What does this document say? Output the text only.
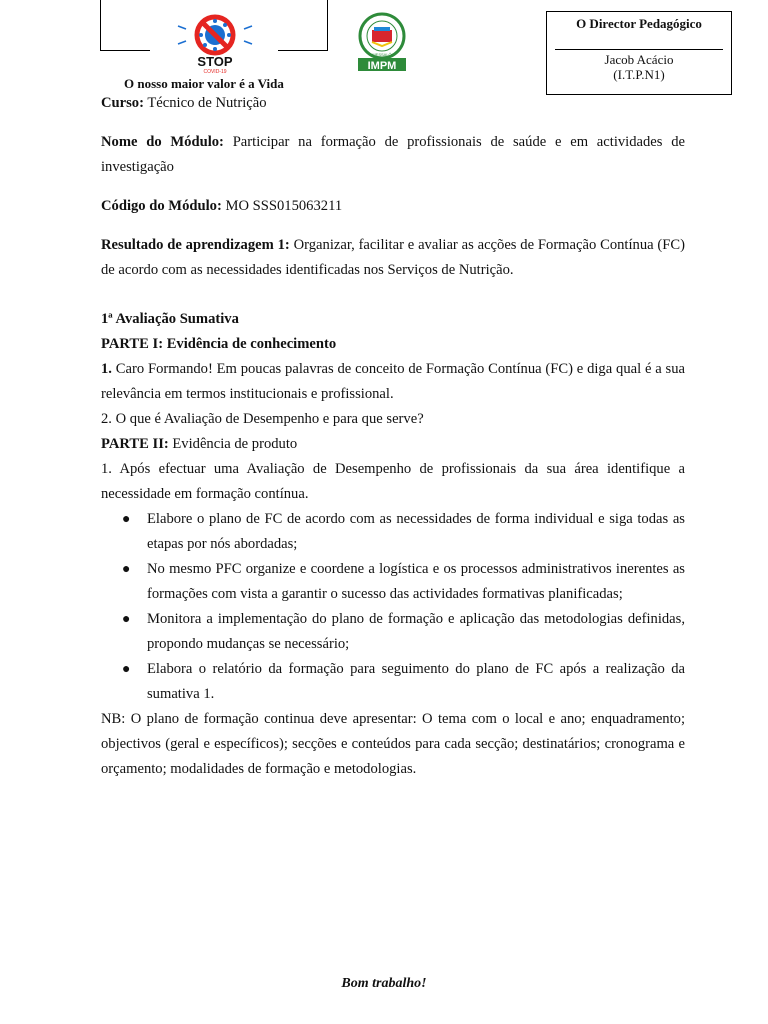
STOP
COVID-19	IMPM
MESSALÔ
O nosso maior valor é a Vida
O Director Pedagógico
Jacob Acácio
(I.T.P.N1)

Curso: Técnico de Nutrição

Nome do Módulo: Participar na formação de profissionais de saúde e em actividades de investigação

Código do Módulo: MO SSS015063211

Resultado de aprendizagem 1: Organizar, facilitar e avaliar as acções de Formação Contínua (FC) de acordo com as necessidades identificadas nos Serviços de Nutrição.

1ª Avaliação Sumativa

PARTE I: Evidência de conhecimento

1. Caro Formando! Em poucas palavras de conceito de Formação Contínua (FC) e diga qual é a sua relevância em termos institucionais e profissional.

2. O que é Avaliação de Desempenho e para que serve?

PARTE II: Evidência de produto

1. Após efectuar uma Avaliação de Desempenho de profissionais da sua área identifique a necessidade em formação contínua.

● Elabore o plano de FC de acordo com as necessidades de forma individual e siga todas as etapas por nós abordadas;
● No mesmo PFC organize e coordene a logística e os processos administrativos inerentes as formações com vista a garantir o sucesso das actividades formativas planificadas;
● Monitora a implementação do plano de formação e aplicação das metodologias definidas, propondo mudanças se necessário;
● Elabora o relatório da formação para seguimento do plano de FC após a realização da sumativa 1.

NB: O plano de formação continua deve apresentar: O tema com o local e ano; enquadramento; objectivos (geral e específicos); secções e conteúdos para cada secção; destinatários; cronograma e orçamento; modalidades de formação e metodologias.

Bom trabalho!
